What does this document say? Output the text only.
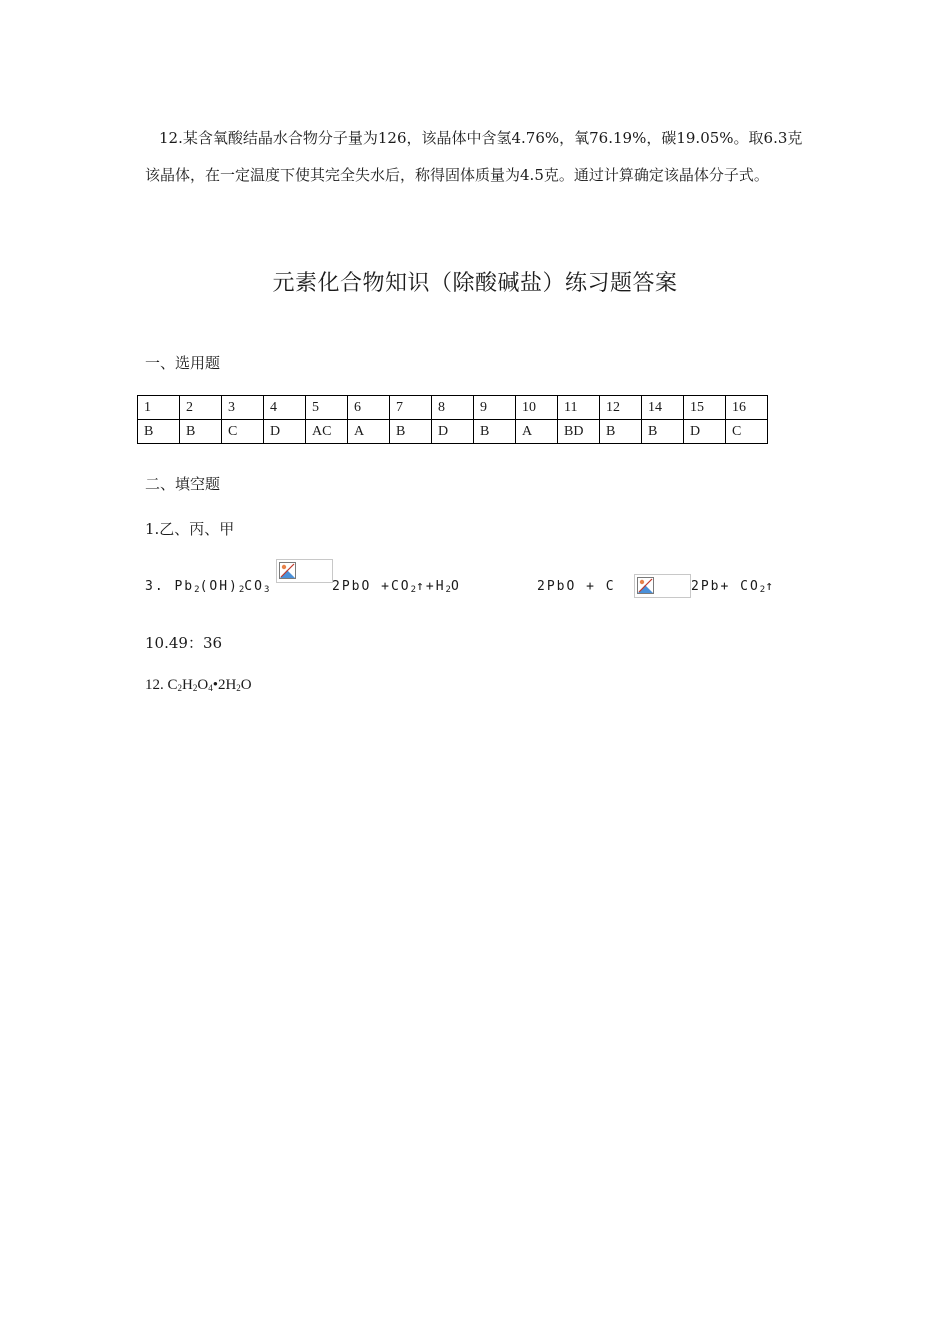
12.某含氧酸结晶水合物分子量为126，该晶体中含氢4.76%，氧76.19%，碳19.05%。取6.3克该晶体，在一定温度下使其完全失水后，称得固体质量为4.5克。通过计算确定该晶体分子式。

元素化合物知识（除酸碱盐）练习题答案

一、选用题

1	2	3	4	5	6	7	8	9	10	11	12	14	15	16
B	B	C	D	AC	A	B	D	B	A	BD	B	B	D	C

二、填空题

1.乙、丙、甲

3. $Pb_2(OH)_2CO_3$	$2PbO +CO_2↑+H_2O$	2PbO + C	$2Pb+ CO_2↑$

10.49：36

12. $C_2H_2O_4•2H_2O$
